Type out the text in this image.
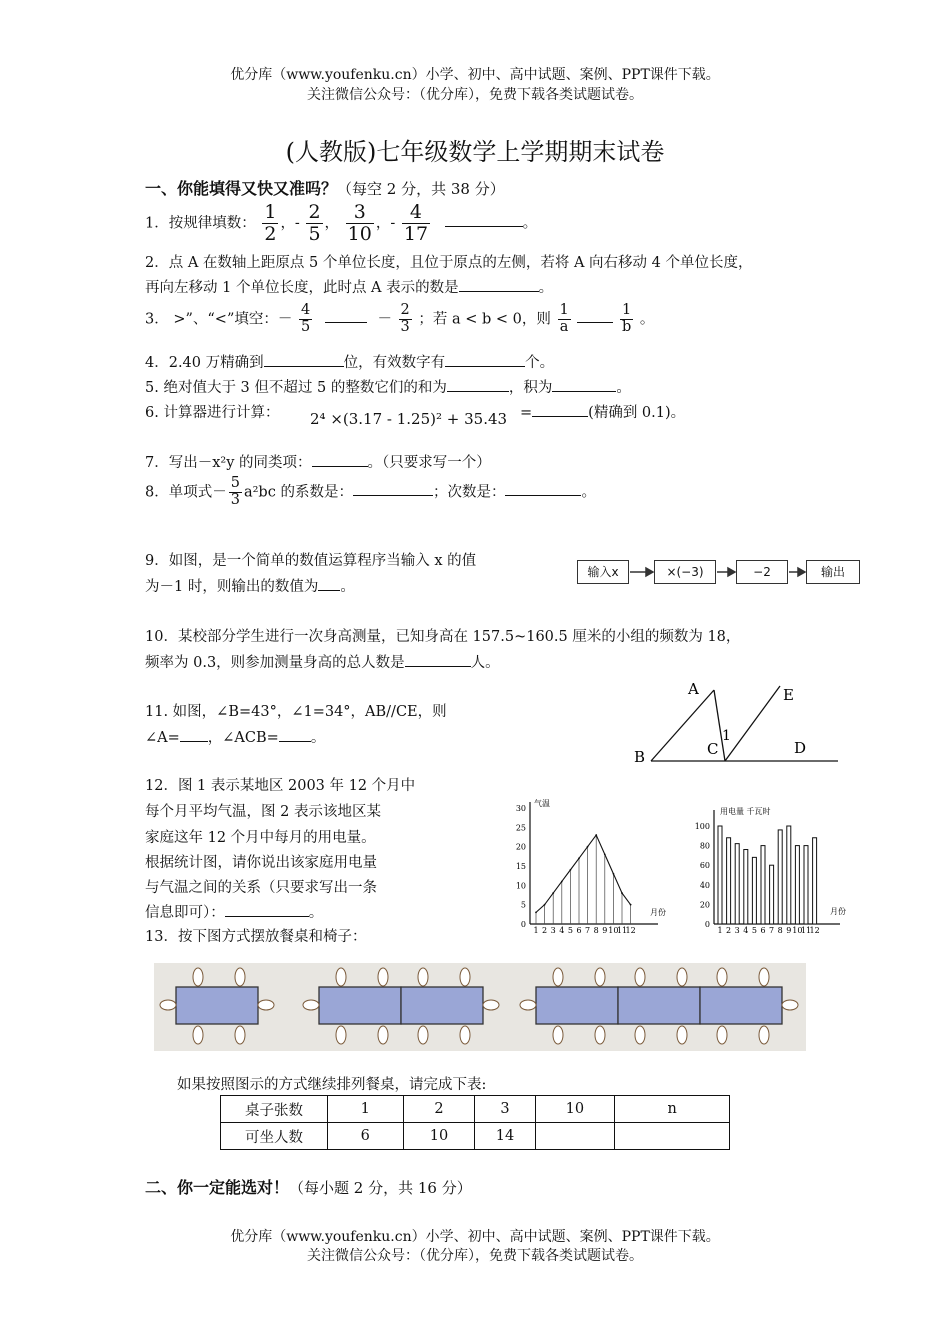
优分库（www.youfenku.cn）小学、初中、高中试题、案例、PPT课件下载。
关注微信公众号：（优分库），免费下载各类试题试卷。
(人教版)七年级数学上学期期末试卷
一、你能填得又快又准吗？（每空 2 分，共 38 分）
1．按规律填数： $\frac{1}{2}$ ，- $\frac{2}{5}$ ， $\frac{3}{10}$ ，- $\frac{4}{17}$	。
2．点 A 在数轴上距原点 5 个单位长度，且位于原点的左侧，若将 A 向右移动 4 个单位长度，
再向左移动 1 个单位长度，此时点 A 表示的数是	。
3． >”、“<”填空：－ $\frac{4}{5}$	－ $\frac{2}{3}$ ；若 a < b < 0，则 $\frac{1}{a}$
	$\frac{1}{b}$ 。
4．2.40 万精确到	位，有效数字有	个。
5. 绝对值大于 3 但不超过 5 的整数它们的和为	，积为	。
6. 计算器进行计算： 2⁴ ×(3.17 - 1.25)² + 35.43 =	(精确到 0.1)。
7．写出－x²y 的同类项：	。（只要求写一个）
8．单项式－ $\frac{5}{3} a^2bc$ 的系数是：	；次数是：	。
9．如图，是一个简单的数值运算程序当输入 x 的值
为－1 时，则输出的数值为 。
输入x	×(−3)	−2	输出
10．某校部分学生进行一次身高测量，已知身高在 157.5~160.5 厘米的小组的频数为 18，
频率为 0.3，则参加测量身高的总人数是	人。
11. 如图，∠B=43°，∠1=34°，AB//CE，则
∠A= ，∠ACB= 。
A
B	C
1
D
E
12．图 1 表示某地区 2003 年 12 个月中
每个月平均气温，图 2 表示该地区某
家庭这年 12 个月中每月的用电量。
根据统计图，请你说出该家庭用电量
与气温之间的关系（只要求写出一条
信息即可）：	。
气温
月份
30
25
20
15
10
5
0
1 2 3 4 5 6 7 8 9 10
11
12
用电量 千瓦时
月份
100
80
60
40
20
0
1 2 3 4 5 6 7 8 9 10
11
12
13．按下图方式摆放餐桌和椅子：
如果按照图示的方式继续排列餐桌，请完成下表:
桌子张数	1	2	3	10	n
可坐人数	6	10	14		
二、你一定能选对！（每小题 2 分，共 16 分）
优分库（www.youfenku.cn）小学、初中、高中试题、案例、PPT课件下载。
关注微信公众号：（优分库），免费下载各类试题试卷。
